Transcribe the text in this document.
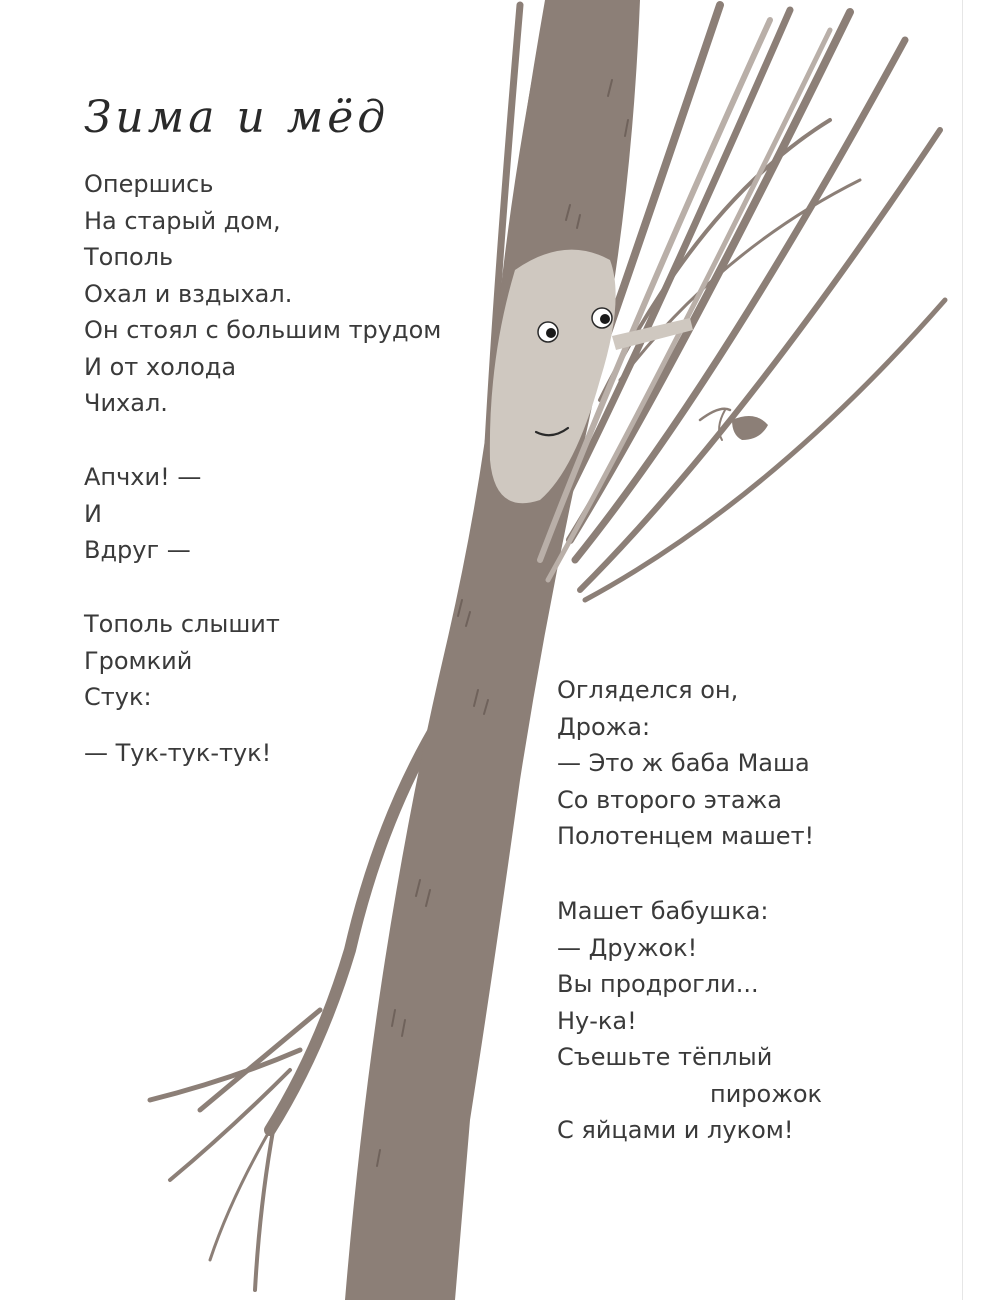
Зима и мёд
Опершись
На старый дом,
Тополь
Охал и вздыхал.
Он стоял с большим трудом
И от холода
Чихал.
Апчхи! —
И
Вдруг —
Тополь слышит
Громкий
Стук:
— Тук-тук-тук!
Огляделся он,
Дрожа:
— Это ж баба Маша
Со второго этажа
Полотенцем машет!
Машет бабушка:
— Дружок!
Вы продрогли...
Ну-ка!
Съешьте тёплый
пирожок
С яйцами и луком!
